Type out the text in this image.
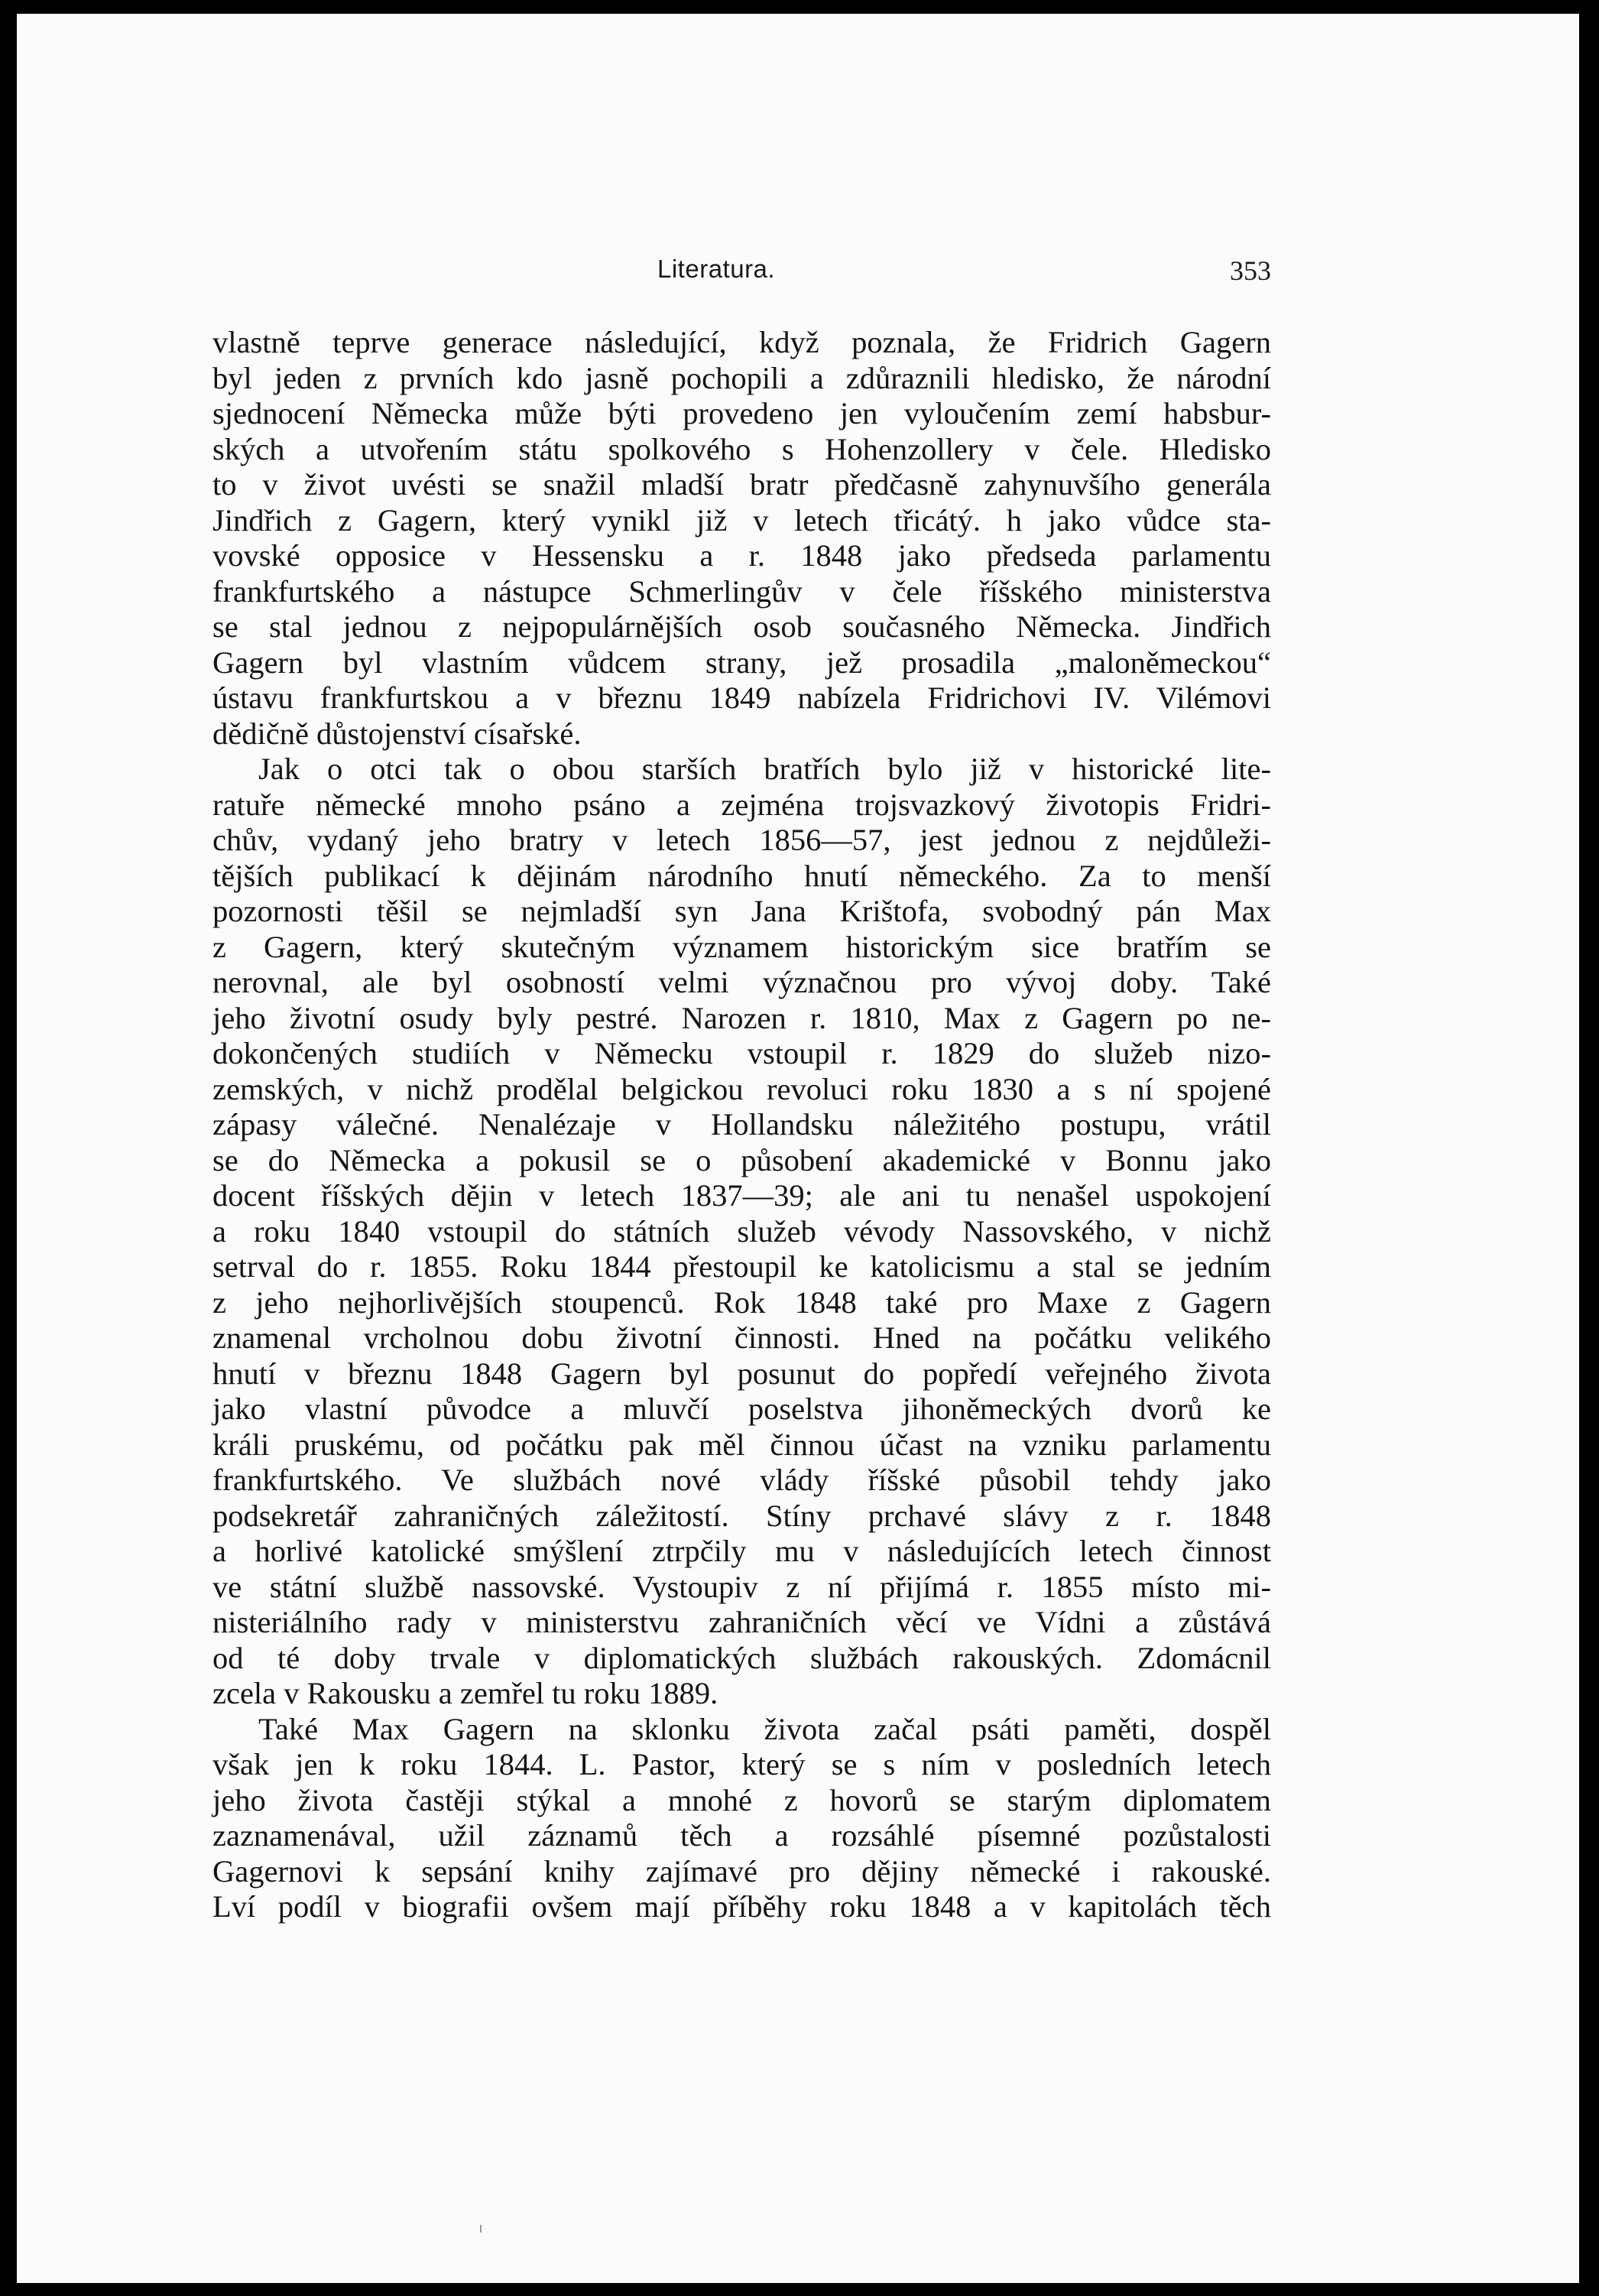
Literatura.	353
vlastně teprve generace následující, když poznala, že Fridrich Gagern
byl jeden z prvních kdo jasně pochopili a zdůraznili hledisko, že národní
sjednocení Německa může býti provedeno jen vyloučením zemí habsbur-
ských a utvořením státu spolkového s Hohenzollery v čele. Hledisko
to v život uvésti se snažil mladší bratr předčasně zahynuvšího generála
Jindřich z Gagern, který vynikl již v letech třicátý. h jako vůdce sta-
vovské opposice v Hessensku a r. 1848 jako předseda parlamentu
frankfurtského a nástupce Schmerlingův v čele říšského ministerstva
se stal jednou z nejpopulárnějších osob současného Německa. Jindřich
Gagern byl vlastním vůdcem strany, jež prosadila „maloněmeckou“
ústavu frankfurtskou a v březnu 1849 nabízela Fridrichovi IV. Vilémovi
dědičně důstojenství císařské.
Jak o otci tak o obou starších bratřích bylo již v historické lite-
ratuře německé mnoho psáno a zejména trojsvazkový životopis Fridri-
chův, vydaný jeho bratry v letech 1856—57, jest jednou z nejdůleži-
tějších publikací k dějinám národního hnutí německého. Za to menší
pozornosti těšil se nejmladší syn Jana Krištofa, svobodný pán Max
z Gagern, který skutečným významem historickým sice bratřím se
nerovnal, ale byl osobností velmi význačnou pro vývoj doby. Také
jeho životní osudy byly pestré. Narozen r. 1810, Max z Gagern po ne-
dokončených studiích v Německu vstoupil r. 1829 do služeb nizo-
zemských, v nichž prodělal belgickou revoluci roku 1830 a s ní spojené
zápasy válečné. Nenalézaje v Hollandsku náležitého postupu, vrátil
se do Německa a pokusil se o působení akademické v Bonnu jako
docent říšských dějin v letech 1837—39; ale ani tu nenašel uspokojení
a roku 1840 vstoupil do státních služeb vévody Nassovského, v nichž
setrval do r. 1855. Roku 1844 přestoupil ke katolicismu a stal se jedním
z jeho nejhorlivějších stoupenců. Rok 1848 také pro Maxe z Gagern
znamenal vrcholnou dobu životní činnosti. Hned na počátku velikého
hnutí v březnu 1848 Gagern byl posunut do popředí veřejného života
jako vlastní původce a mluvčí poselstva jihoněmeckých dvorů ke
králi pruskému, od počátku pak měl činnou účast na vzniku parlamentu
frankfurtského. Ve službách nové vlády říšské působil tehdy jako
podsekretář zahraničných záležitostí. Stíny prchavé slávy z r. 1848
a horlivé katolické smýšlení ztrpčily mu v následujících letech činnost
ve státní službě nassovské. Vystoupiv z ní přijímá r. 1855 místo mi-
nisteriálního rady v ministerstvu zahraničních věcí ve Vídni a zůstává
od té doby trvale v diplomatických službách rakouských. Zdomácnil
zcela v Rakousku a zemřel tu roku 1889.
Také Max Gagern na sklonku života začal psáti paměti, dospěl
však jen k roku 1844. L. Pastor, který se s ním v posledních letech
jeho života častěji stýkal a mnohé z hovorů se starým diplomatem
zaznamenával, užil záznamů těch a rozsáhlé písemné pozůstalosti
Gagernovi k sepsání knihy zajímavé pro dějiny německé i rakouské.
Lví podíl v biografii ovšem mají příběhy roku 1848 a v kapitolách těch
